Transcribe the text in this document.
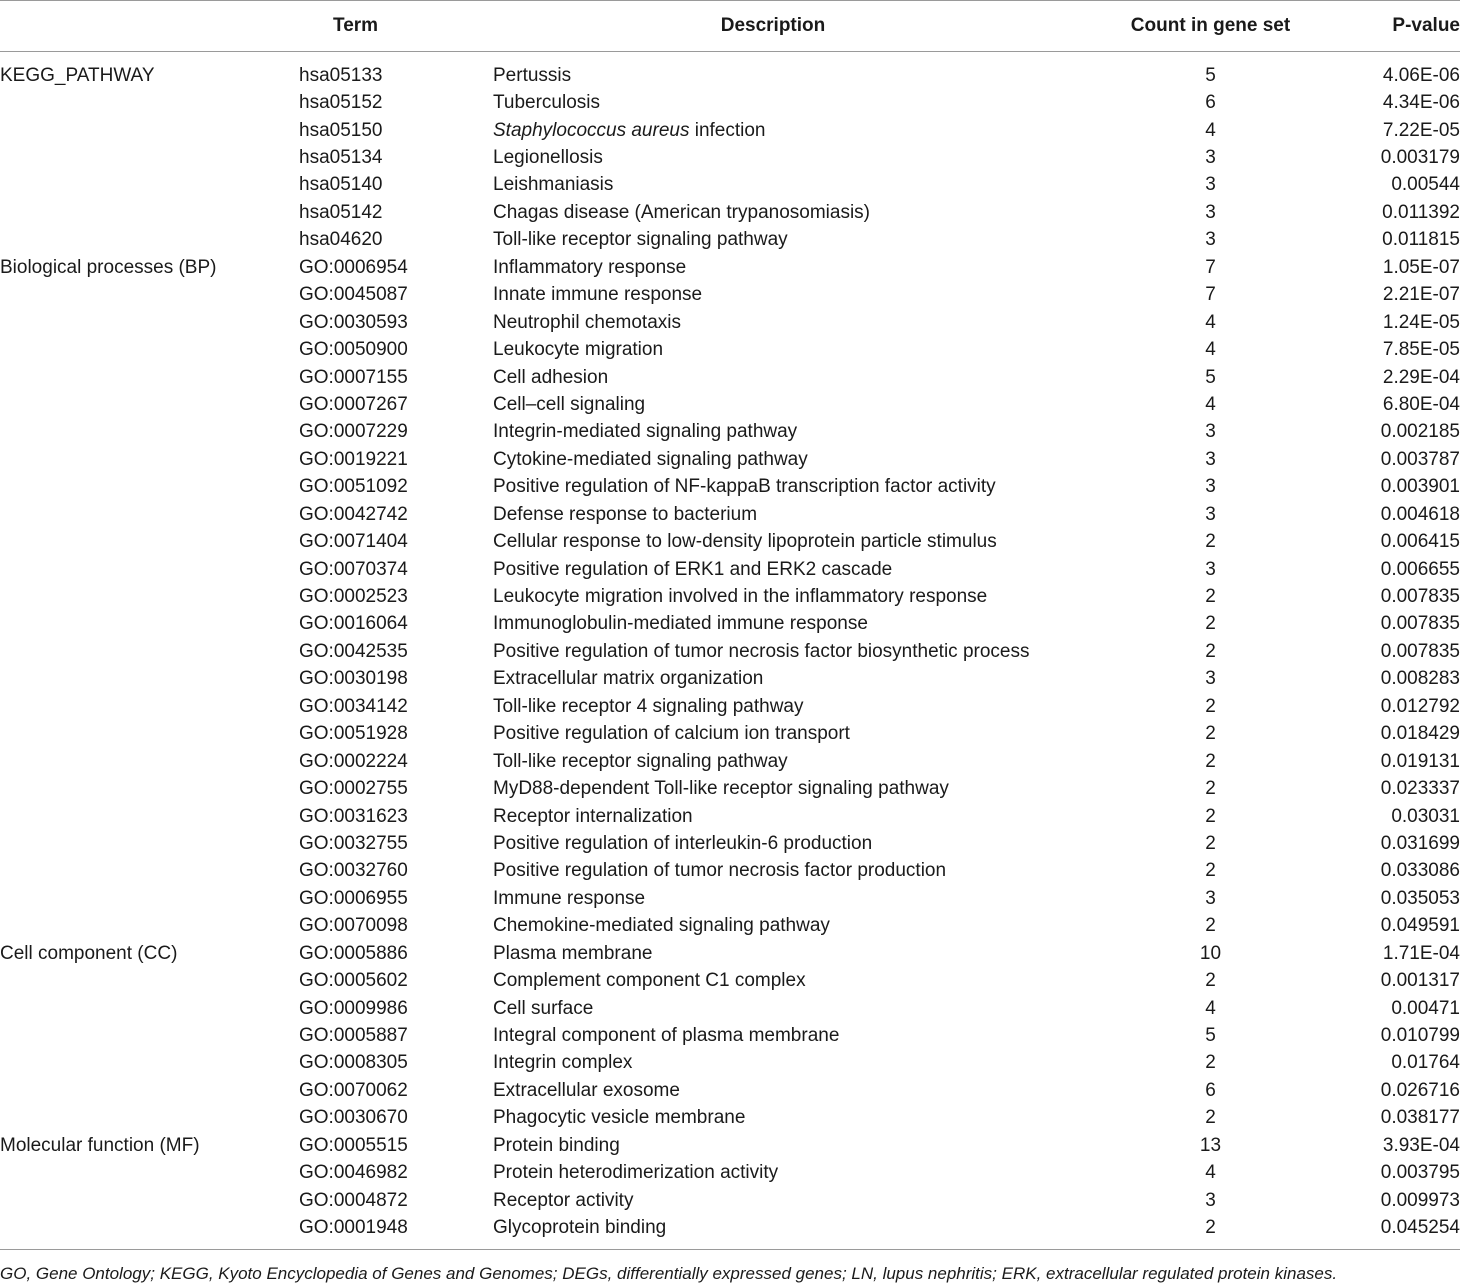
	Term	Description	Count in gene set	P-value
KEGG_PATHWAY	hsa05133	Pertussis	5	4.06E-06
	hsa05152	Tuberculosis	6	4.34E-06
	hsa05150	Staphylococcus aureus infection	4	7.22E-05
	hsa05134	Legionellosis	3	0.003179
	hsa05140	Leishmaniasis	3	0.00544
	hsa05142	Chagas disease (American trypanosomiasis)	3	0.011392
	hsa04620	Toll-like receptor signaling pathway	3	0.011815
Biological processes (BP)	GO:0006954	Inflammatory response	7	1.05E-07
	GO:0045087	Innate immune response	7	2.21E-07
	GO:0030593	Neutrophil chemotaxis	4	1.24E-05
	GO:0050900	Leukocyte migration	4	7.85E-05
	GO:0007155	Cell adhesion	5	2.29E-04
	GO:0007267	Cell–cell signaling	4	6.80E-04
	GO:0007229	Integrin-mediated signaling pathway	3	0.002185
	GO:0019221	Cytokine-mediated signaling pathway	3	0.003787
	GO:0051092	Positive regulation of NF-kappaB transcription factor activity	3	0.003901
	GO:0042742	Defense response to bacterium	3	0.004618
	GO:0071404	Cellular response to low-density lipoprotein particle stimulus	2	0.006415
	GO:0070374	Positive regulation of ERK1 and ERK2 cascade	3	0.006655
	GO:0002523	Leukocyte migration involved in the inflammatory response	2	0.007835
	GO:0016064	Immunoglobulin-mediated immune response	2	0.007835
	GO:0042535	Positive regulation of tumor necrosis factor biosynthetic process	2	0.007835
	GO:0030198	Extracellular matrix organization	3	0.008283
	GO:0034142	Toll-like receptor 4 signaling pathway	2	0.012792
	GO:0051928	Positive regulation of calcium ion transport	2	0.018429
	GO:0002224	Toll-like receptor signaling pathway	2	0.019131
	GO:0002755	MyD88-dependent Toll-like receptor signaling pathway	2	0.023337
	GO:0031623	Receptor internalization	2	0.03031
	GO:0032755	Positive regulation of interleukin-6 production	2	0.031699
	GO:0032760	Positive regulation of tumor necrosis factor production	2	0.033086
	GO:0006955	Immune response	3	0.035053
	GO:0070098	Chemokine-mediated signaling pathway	2	0.049591
Cell component (CC)	GO:0005886	Plasma membrane	10	1.71E-04
	GO:0005602	Complement component C1 complex	2	0.001317
	GO:0009986	Cell surface	4	0.00471
	GO:0005887	Integral component of plasma membrane	5	0.010799
	GO:0008305	Integrin complex	2	0.01764
	GO:0070062	Extracellular exosome	6	0.026716
	GO:0030670	Phagocytic vesicle membrane	2	0.038177
Molecular function (MF)	GO:0005515	Protein binding	13	3.93E-04
	GO:0046982	Protein heterodimerization activity	4	0.003795
	GO:0004872	Receptor activity	3	0.009973
	GO:0001948	Glycoprotein binding	2	0.045254
GO, Gene Ontology; KEGG, Kyoto Encyclopedia of Genes and Genomes; DEGs, differentially expressed genes; LN, lupus nephritis; ERK, extracellular regulated protein kinases.
